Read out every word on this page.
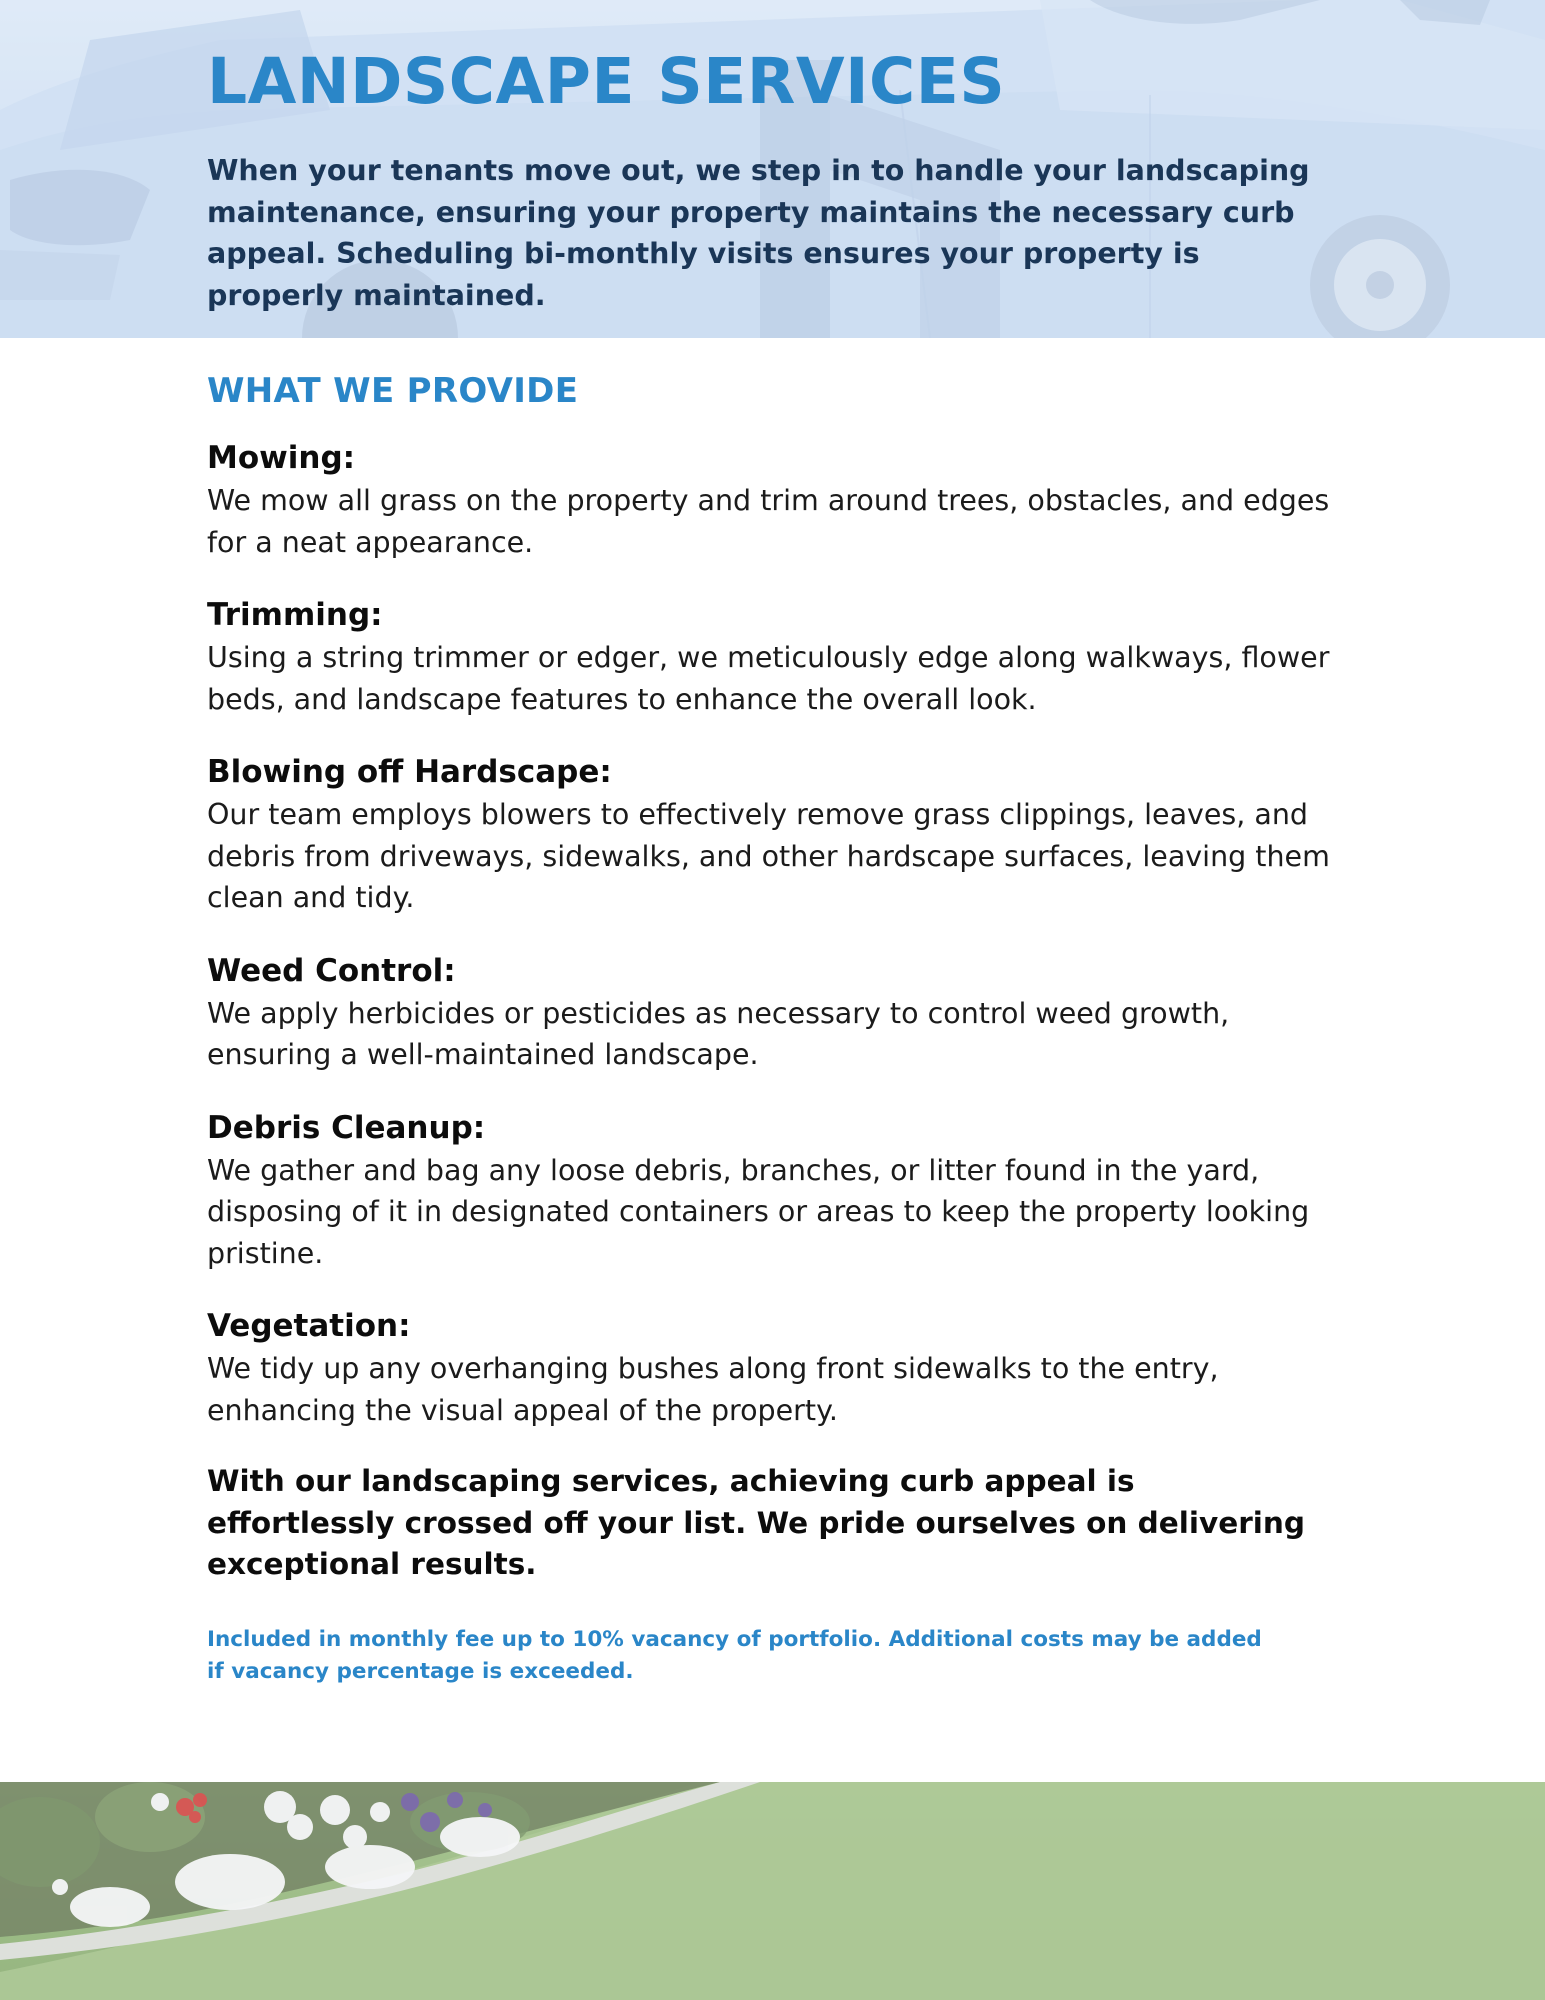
LANDSCAPE SERVICES

When your tenants move out, we step in to handle your landscaping maintenance, ensuring your property maintains the necessary curb appeal. Scheduling bi-monthly visits ensures your property is properly maintained.

WHAT WE PROVIDE
Mowing:
We mow all grass on the property and trim around trees, obstacles, and edges for a neat appearance.
Trimming:
Using a string trimmer or edger, we meticulously edge along walkways, flower beds, and landscape features to enhance the overall look.
Blowing off Hardscape:
Our team employs blowers to effectively remove grass clippings, leaves, and debris from driveways, sidewalks, and other hardscape surfaces, leaving them clean and tidy.
Weed Control:
We apply herbicides or pesticides as necessary to control weed growth, ensuring a well-maintained landscape.
Debris Cleanup:
We gather and bag any loose debris, branches, or litter found in the yard, disposing of it in designated containers or areas to keep the property looking pristine.
Vegetation:
We tidy up any overhanging bushes along front sidewalks to the entry, enhancing the visual appeal of the property.

With our landscaping services, achieving curb appeal is effortlessly crossed off your list. We pride ourselves on delivering exceptional results.

Included in monthly fee up to 10% vacancy of portfolio. Additional costs may be added if vacancy percentage is exceeded.
